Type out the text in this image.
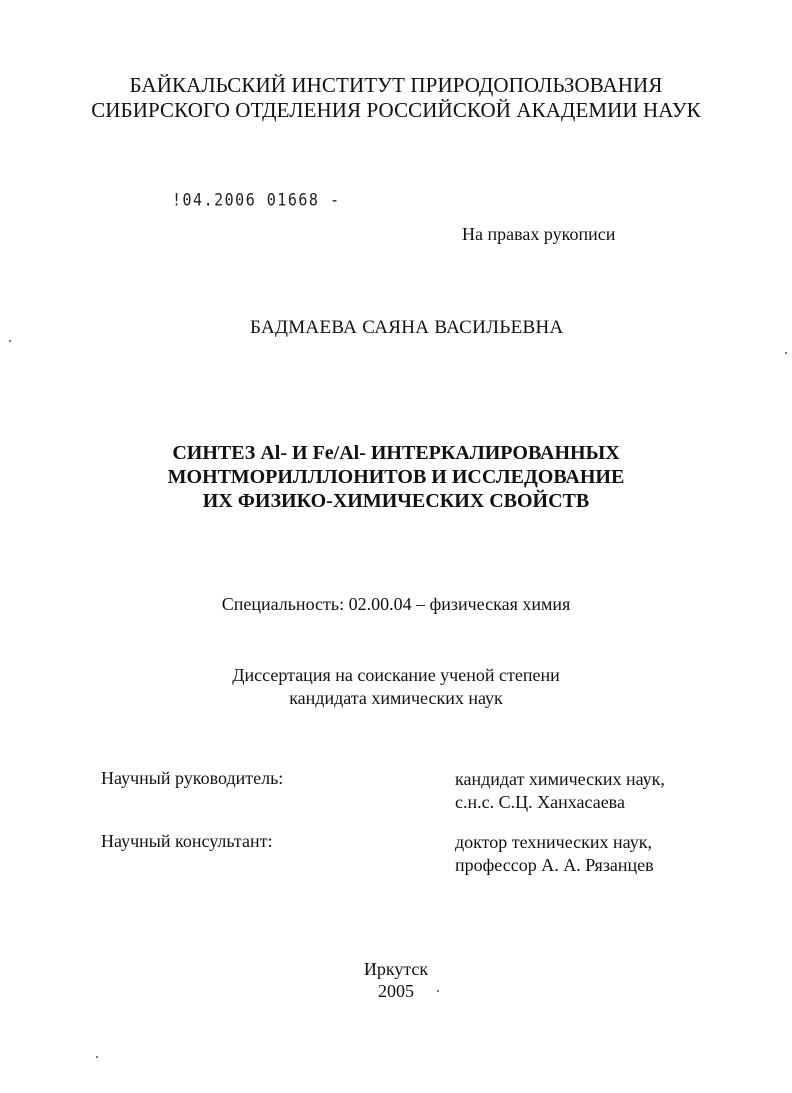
БАЙКАЛЬСКИЙ ИНСТИТУТ ПРИРОДОПОЛЬЗОВАНИЯ
СИБИРСКОГО ОТДЕЛЕНИЯ РОССИЙСКОЙ АКАДЕМИИ НАУК
!04.2006 01668 -
На правах рукописи
БАДМАЕВА САЯНА ВАСИЛЬЕВНА
СИНТЕЗ Al- И Fe/Al- ИНТЕРКАЛИРОВАННЫХ
МОНТМОРИЛЛЛОНИТОВ И ИССЛЕДОВАНИЕ
ИХ ФИЗИКО-ХИМИЧЕСКИХ СВОЙСТВ
Специальность: 02.00.04 – физическая химия
Диссертация на соискание ученой степени
кандидата химических наук
Научный руководитель:	кандидат химических наук,
с.н.с. С.Ц. Ханхасаева
Научный консультант:	доктор технических наук,
профессор А. А. Рязанцев
Иркутск
2005
